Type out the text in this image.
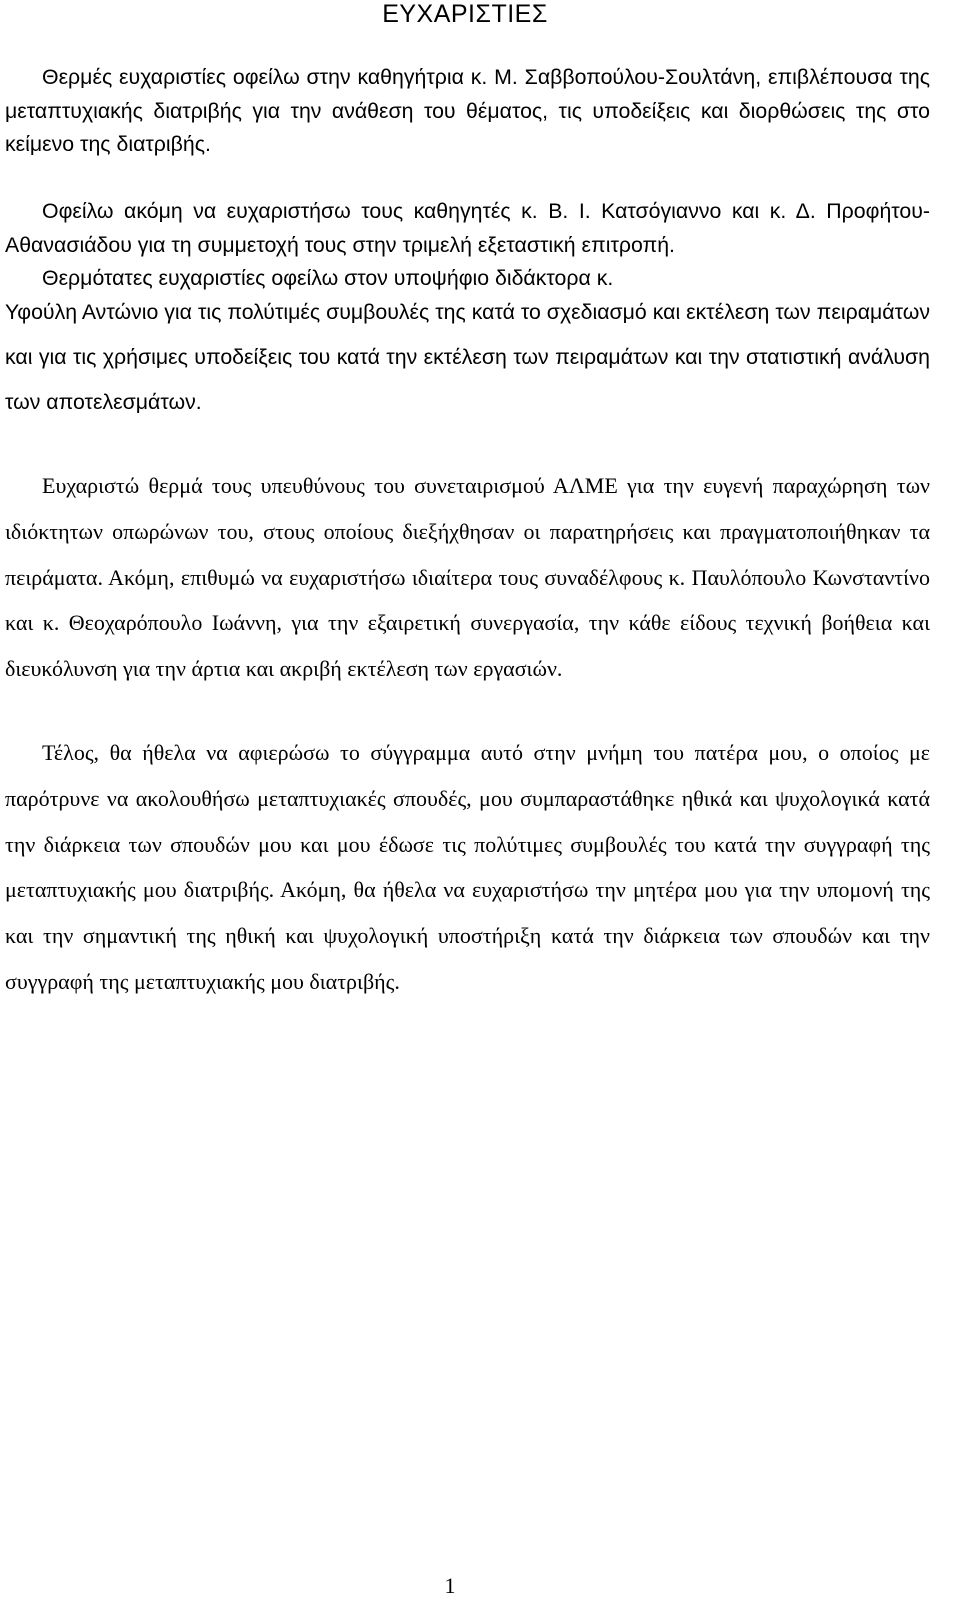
ΕΥΧΑΡΙΣΤΙΕΣ

Θερμές ευχαριστίες οφείλω στην καθηγήτρια κ. Μ. Σαββοπούλου-Σουλτάνη, επιβλέπουσα της μεταπτυχιακής διατριβής για την ανάθεση του θέματος, τις υποδείξεις και διορθώσεις της στο κείμενο της διατριβής.

Οφείλω ακόμη να ευχαριστήσω τους καθηγητές κ. Β. Ι. Κατσόγιαννο και κ. Δ. Προφήτου-Αθανασιάδου για τη συμμετοχή τους στην τριμελή εξεταστική επιτροπή.

Θερμότατες ευχαριστίες οφείλω στον υποψήφιο διδάκτορα κ.

Υφούλη Αντώνιο για τις πολύτιμές συμβουλές της κατά το σχεδιασμό και εκτέλεση των πειραμάτων και για τις χρήσιμες υποδείξεις του κατά την εκτέλεση των πειραμάτων και την στατιστική ανάλυση των αποτελεσμάτων.

Ευχαριστώ θερμά τους υπευθύνους του συνεταιρισμού ΑΛΜΕ για την ευγενή παραχώρηση των ιδιόκτητων οπωρώνων του, στους οποίους διεξήχθησαν οι παρατηρήσεις και πραγματοποιήθηκαν τα πειράματα. Ακόμη, επιθυμώ να ευχαριστήσω ιδιαίτερα τους συναδέλφους κ. Παυλόπουλο Κωνσταντίνο και κ. Θεοχαρόπουλο Ιωάννη, για την εξαιρετική συνεργασία, την κάθε είδους τεχνική βοήθεια και διευκόλυνση για την άρτια και ακριβή εκτέλεση των εργασιών.

Τέλος, θα ήθελα να αφιερώσω το σύγγραμμα αυτό στην μνήμη του πατέρα μου, ο οποίος με παρότρυνε να ακολουθήσω μεταπτυχιακές σπουδές, μου συμπαραστάθηκε ηθικά και ψυχολογικά κατά την διάρκεια των σπουδών μου και μου έδωσε τις πολύτιμες συμβουλές του κατά την συγγραφή της μεταπτυχιακής μου διατριβής. Ακόμη, θα ήθελα να ευχαριστήσω την μητέρα μου για την υπομονή της και την σημαντική της ηθική και ψυχολογική υποστήριξη κατά την διάρκεια των σπουδών και την συγγραφή της μεταπτυχιακής μου διατριβής.

1
